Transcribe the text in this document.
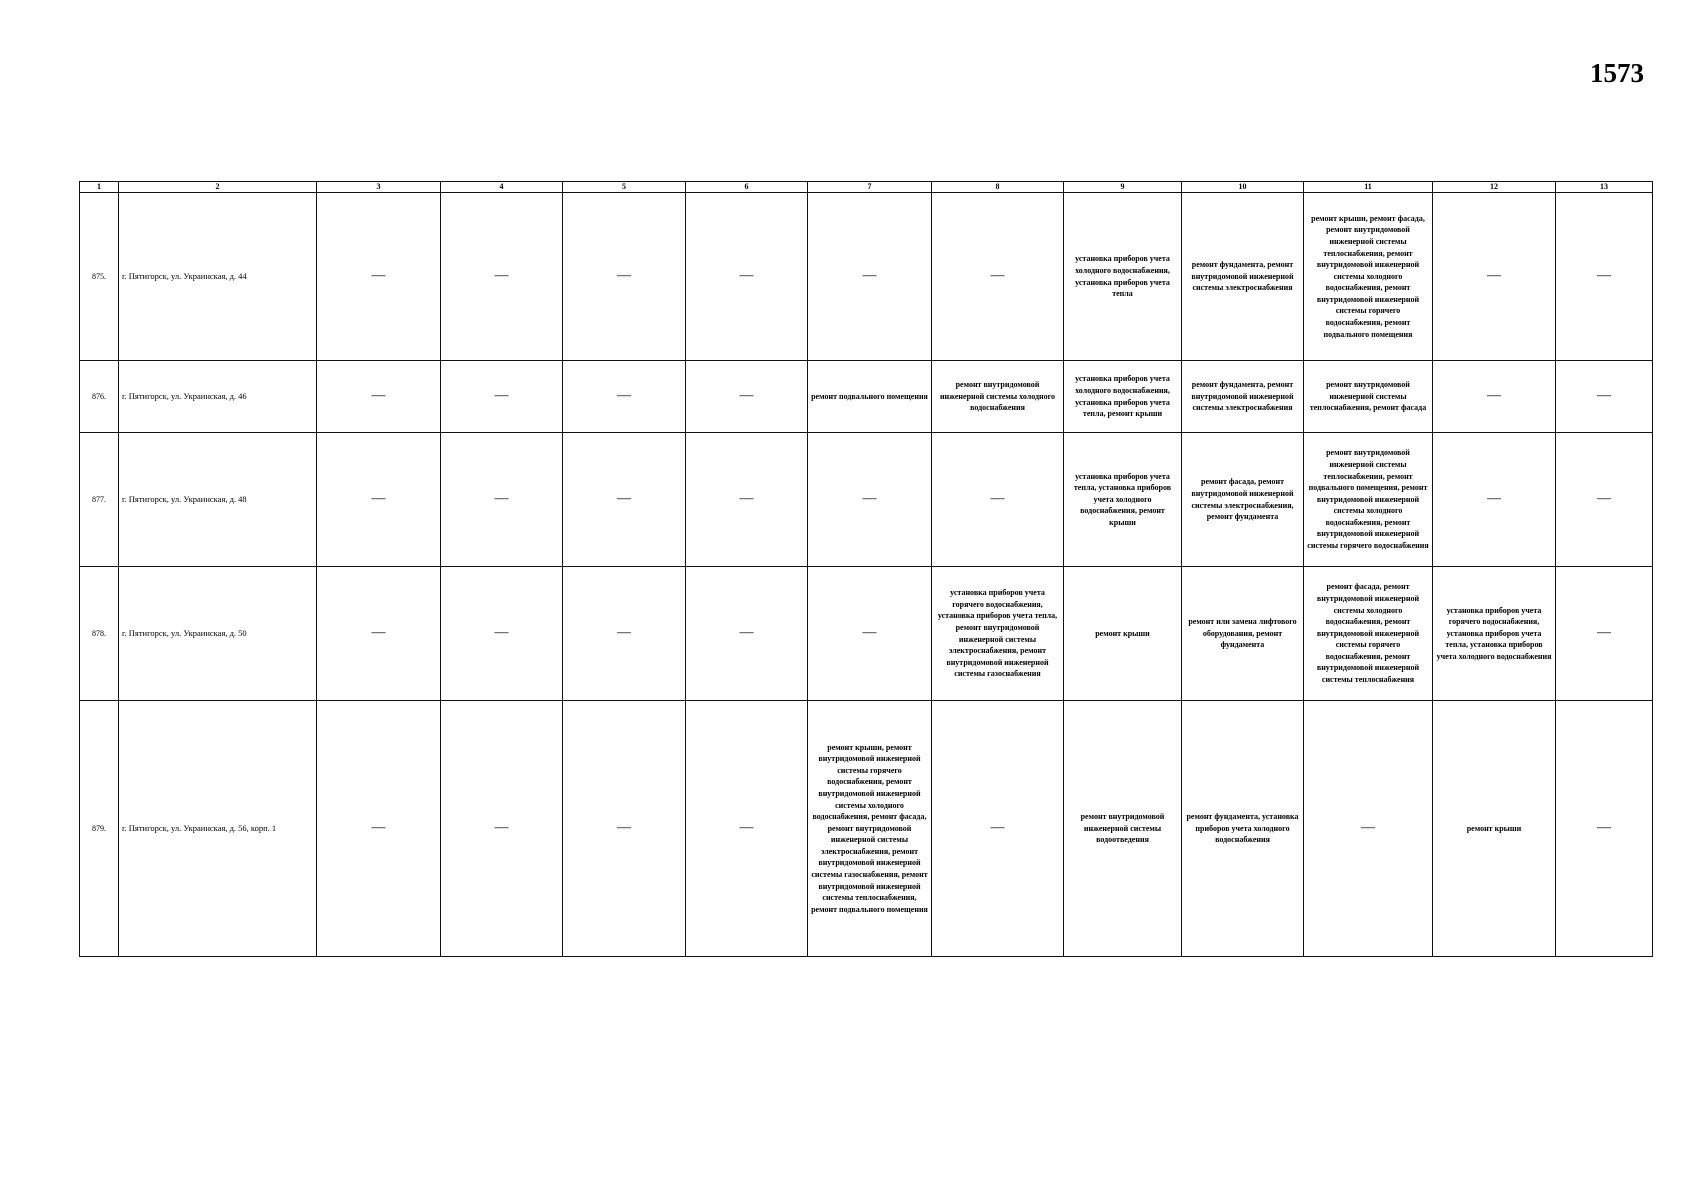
1573
1	2	3	4	5	6	7	8	9	10	11	12	13
875.	г. Пятигорск, ул. Украинская, д. 44	—	—	—	—	—	—	установка приборов учета холодного водоснабжения, установка приборов учета тепла	ремонт фундамента, ремонт внутридомовой инженерной системы электроснабжения	ремонт крыши, ремонт фасада, ремонт внутридомовой инженерной системы теплоснабжения, ремонт внутридомовой инженерной системы холодного водоснабжения, ремонт внутридомовой инженерной системы горячего водоснабжения, ремонт подвального помещения	—	—
876.	г. Пятигорск, ул. Украинская, д. 46	—	—	—	—	ремонт подвального помещения	ремонт внутридомовой инженерной системы холодного водоснабжения	установка приборов учета холодного водоснабжения, установка приборов учета тепла, ремонт крыши	ремонт фундамента, ремонт внутридомовой инженерной системы электроснабжения	ремонт внутридомовой инженерной системы теплоснабжения, ремонт фасада	—	—
877.	г. Пятигорск, ул. Украинская, д. 48	—	—	—	—	—	—	установка приборов учета тепла, установка приборов учета холодного водоснабжения, ремонт крыши	ремонт фасада, ремонт внутридомовой инженерной системы электроснабжения, ремонт фундамента	ремонт внутридомовой инженерной системы теплоснабжения, ремонт подвального помещения, ремонт внутридомовой инженерной системы холодного водоснабжения, ремонт внутридомовой инженерной системы горячего водоснабжения	—	—
878.	г. Пятигорск, ул. Украинская, д. 50	—	—	—	—	—	установка приборов учета горячего водоснабжения, установка приборов учета тепла, ремонт внутридомовой инженерной системы электроснабжения, ремонт внутридомовой инженерной системы газоснабжения	ремонт крыши	ремонт или замена лифтового оборудования, ремонт фундамента	ремонт фасада, ремонт внутридомовой инженерной системы холодного водоснабжения, ремонт внутридомовой инженерной системы горячего водоснабжения, ремонт внутридомовой инженерной системы теплоснабжения	установка приборов учета горячего водоснабжения, установка приборов учета тепла, установка приборов учета холодного водоснабжения	—
879.	г. Пятигорск, ул. Украинская, д. 56, корп. 1	—	—	—	—	ремонт крыши, ремонт внутридомовой инженерной системы горячего водоснабжения, ремонт внутридомовой инженерной системы холодного водоснабжения, ремонт фасада, ремонт внутридомовой инженерной системы электроснабжения, ремонт внутридомовой инженерной системы газоснабжения, ремонт внутридомовой инженерной системы теплоснабжения, ремонт подвального помещения	—	ремонт внутридомовой инженерной системы водоотведения	ремонт фундамента, установка приборов учета холодного водоснабжения	—	ремонт крыши	—
